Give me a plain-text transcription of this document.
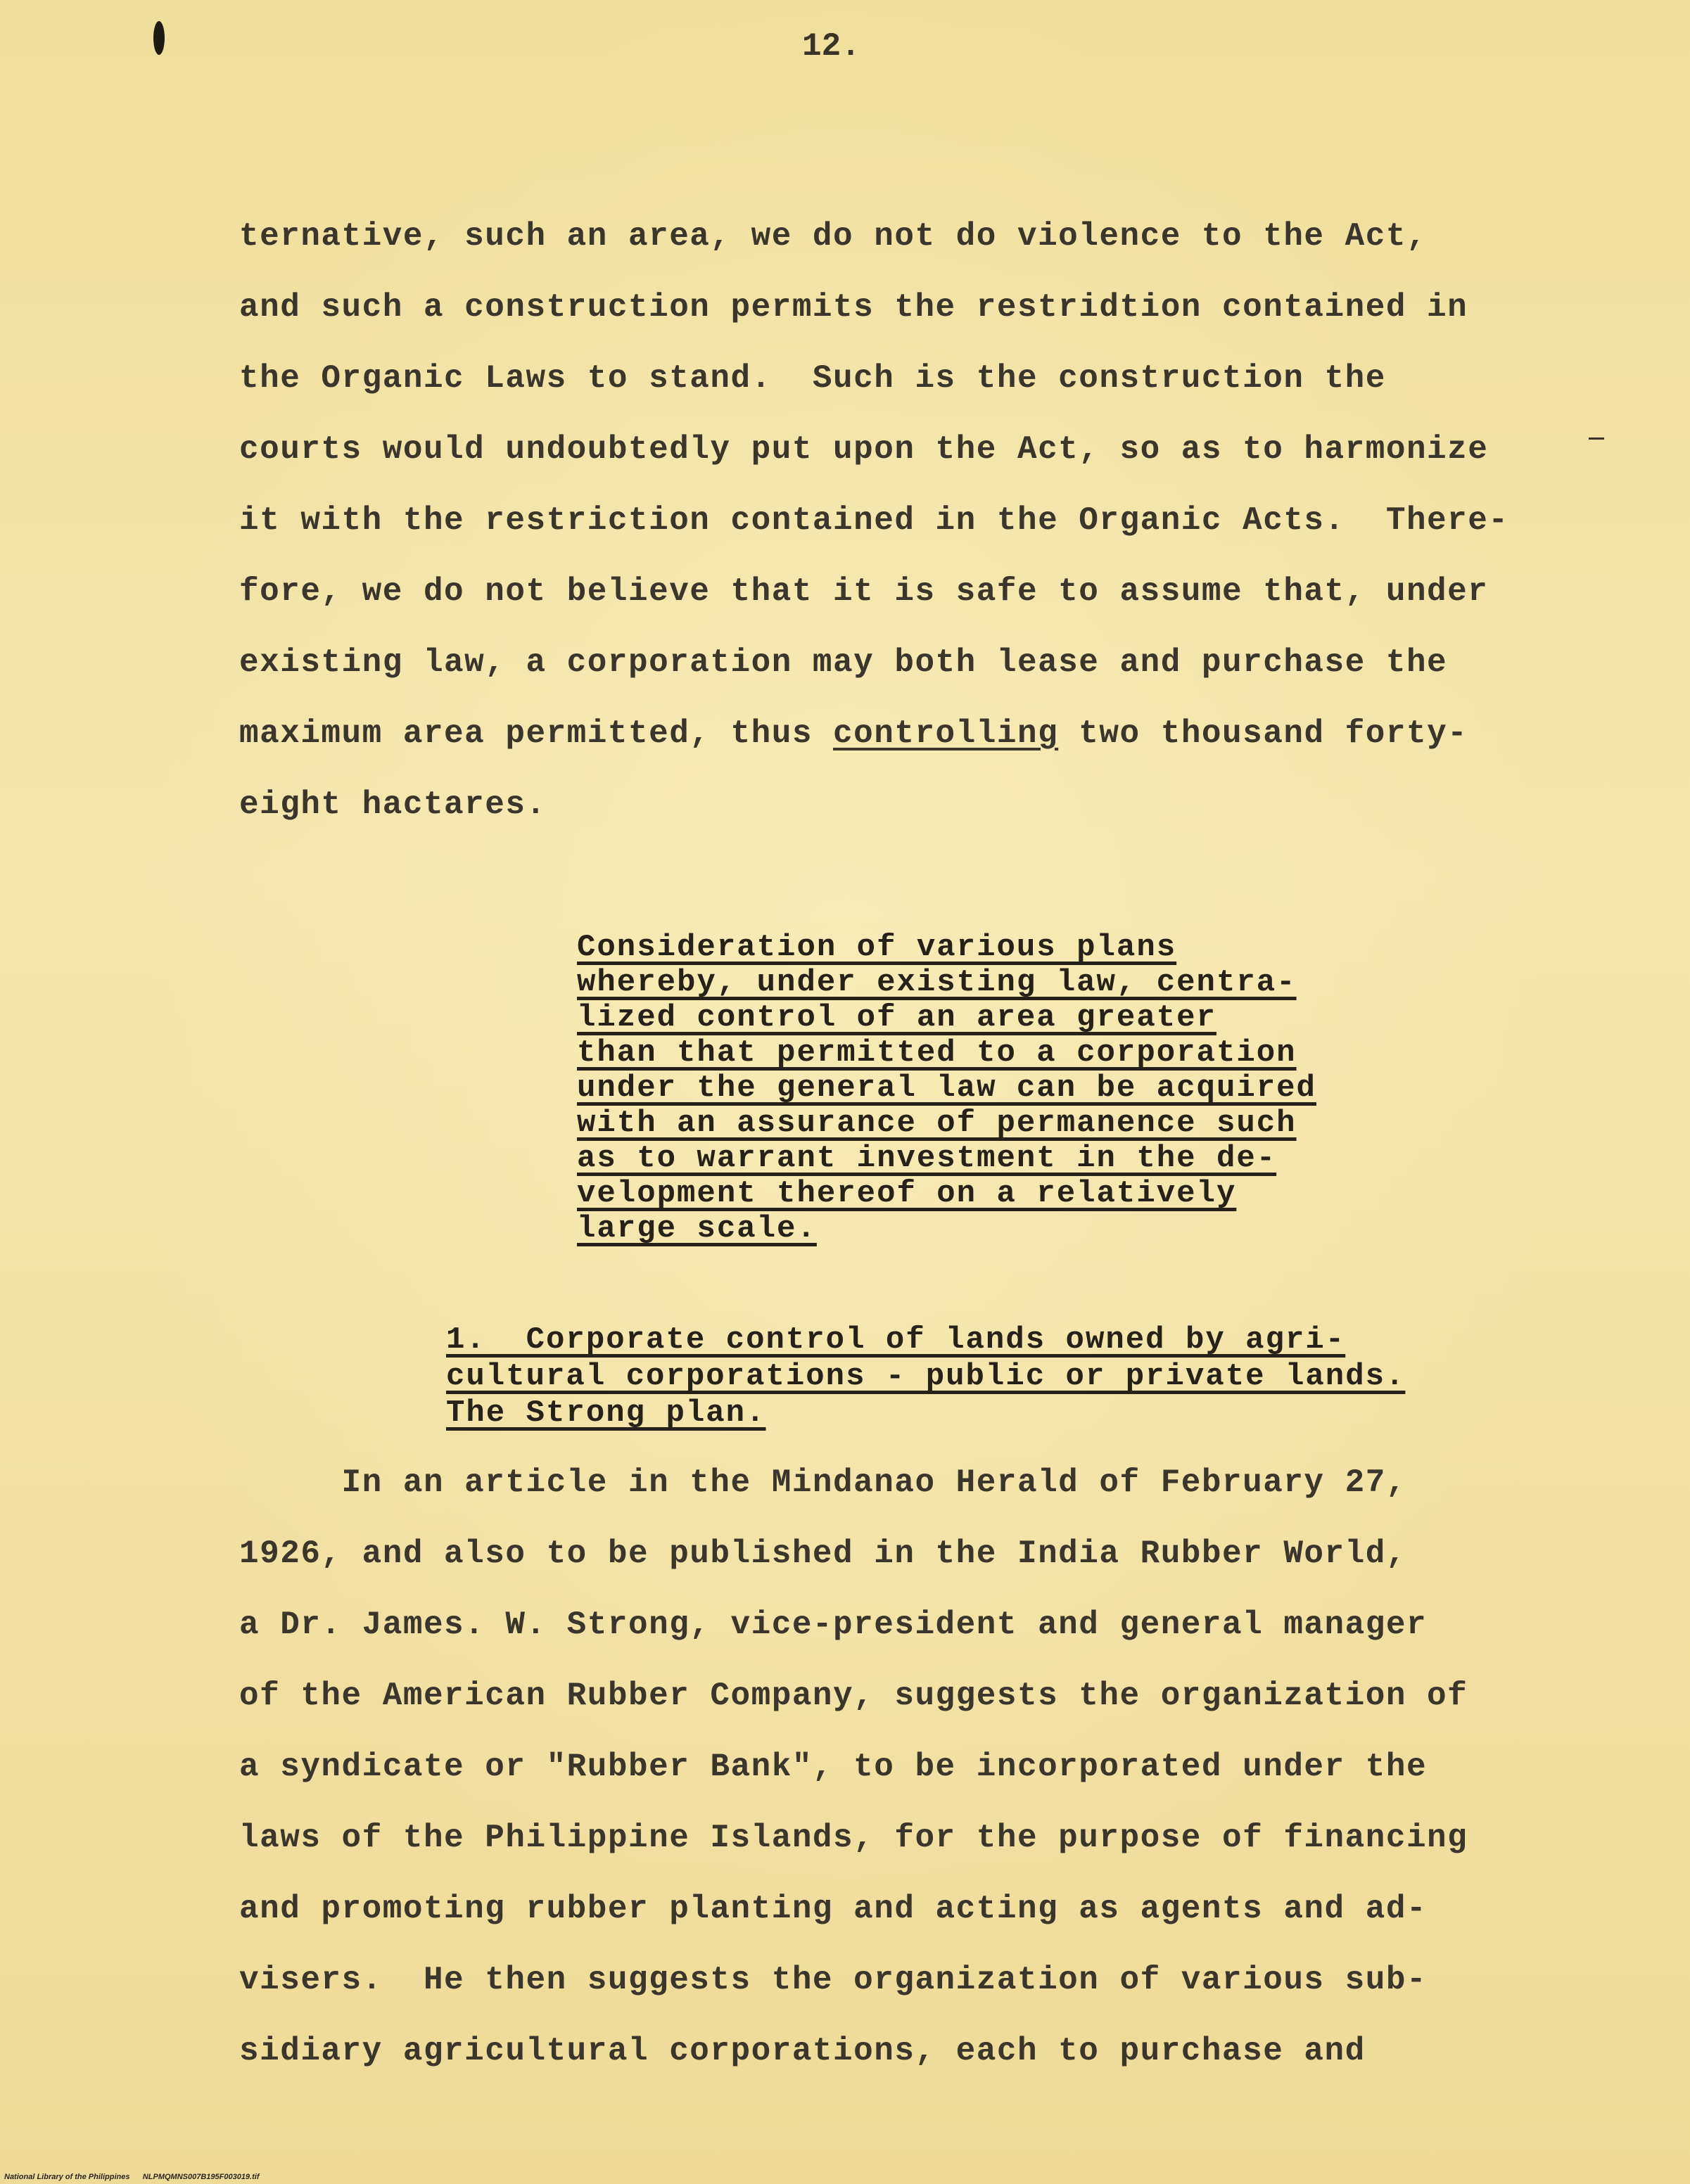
12.
ternative, such an area, we do not do violence to the Act,
and such a construction permits the restridtion contained in
the Organic Laws to stand.  Such is the construction the
courts would undoubtedly put upon the Act, so as to harmonize
it with the restriction contained in the Organic Acts.  There-
fore, we do not believe that it is safe to assume that, under
existing law, a corporation may both lease and purchase the
maximum area permitted, thus controlling two thousand forty-
eight hactares.
Consideration of various plans
whereby, under existing law, centra-
lized control of an area greater
than that permitted to a corporation
under the general law can be acquired
with an assurance of permanence such
as to warrant investment in the de-
velopment thereof on a relatively
large scale.
1.  Corporate control of lands owned by agri-
cultural corporations - public or private lands.
The Strong plan.
In an article in the Mindanao Herald of February 27,
1926, and also to be published in the India Rubber World,
a Dr. James. W. Strong, vice-president and general manager
of the American Rubber Company, suggests the organization of
a syndicate or "Rubber Bank", to be incorporated under the
laws of the Philippine Islands, for the purpose of financing
and promoting rubber planting and acting as agents and ad-
visers.  He then suggests the organization of various sub-
sidiary agricultural corporations, each to purchase and
National Library of the Philippines NLPMQMNS007B195F003019.tif
